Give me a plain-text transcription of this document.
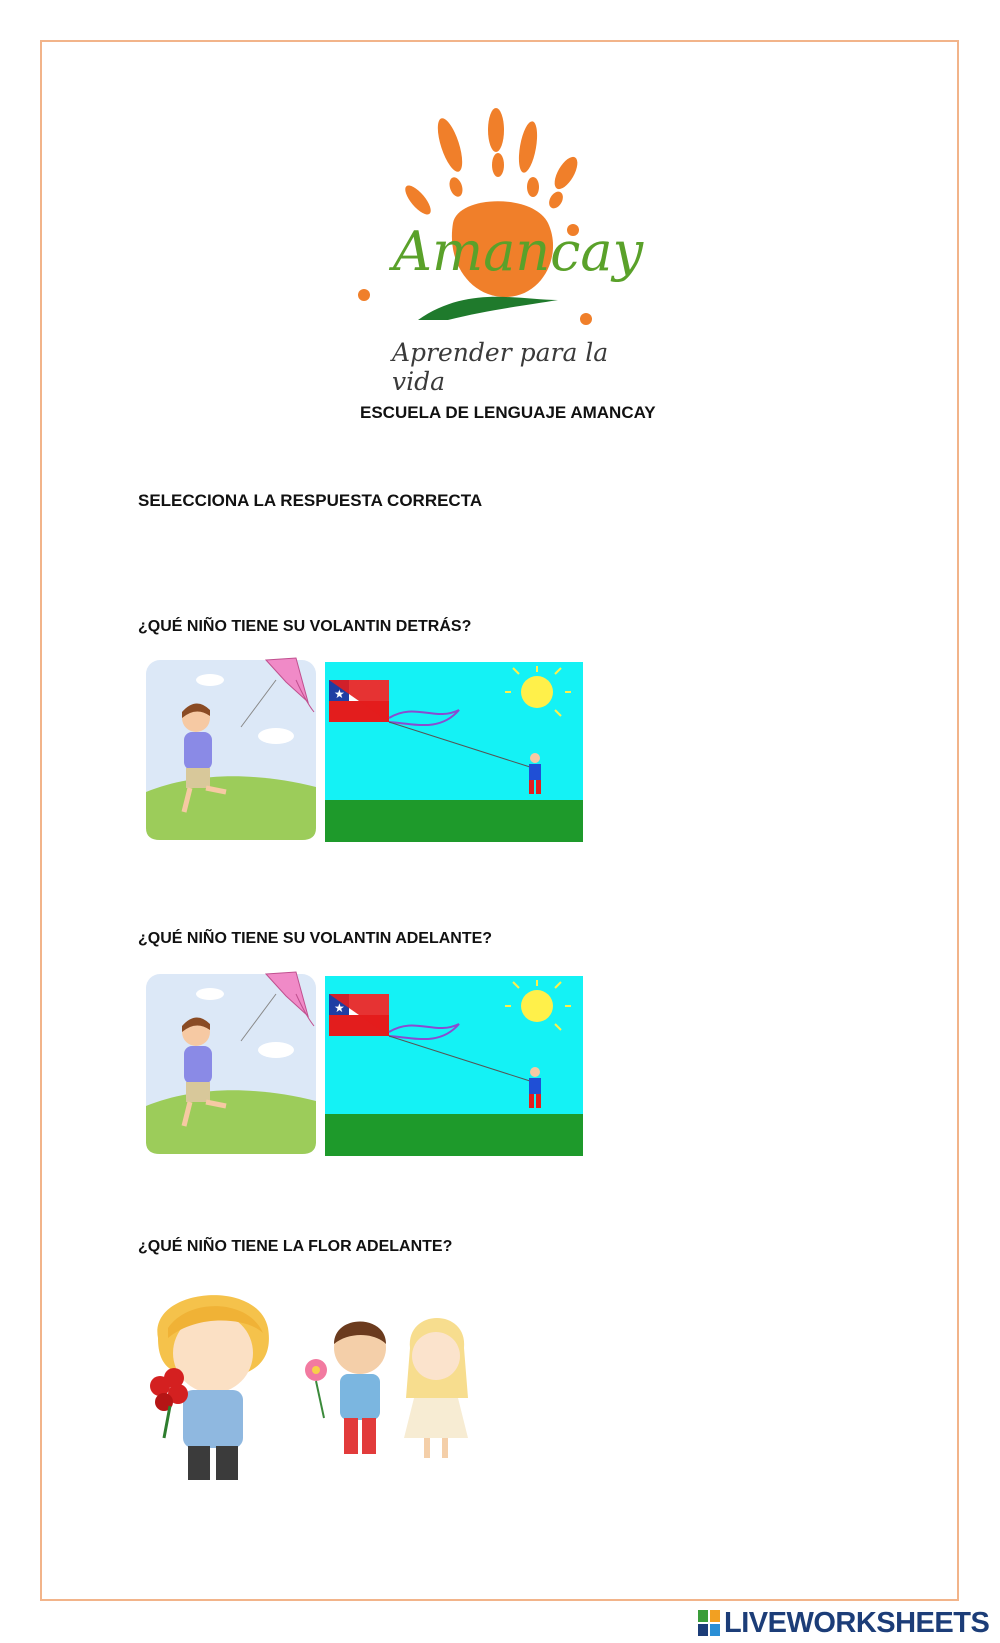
Amancay
Aprender para la vida
ESCUELA DE LENGUAJE AMANCAY
SELECCIONA LA RESPUESTA CORRECTA
¿QUÉ NIÑO TIENE SU VOLANTIN DETRÁS?
★
¿QUÉ NIÑO TIENE SU VOLANTIN ADELANTE?
★
¿QUÉ NIÑO TIENE LA FLOR ADELANTE?
LIVEWORKSHEETS
